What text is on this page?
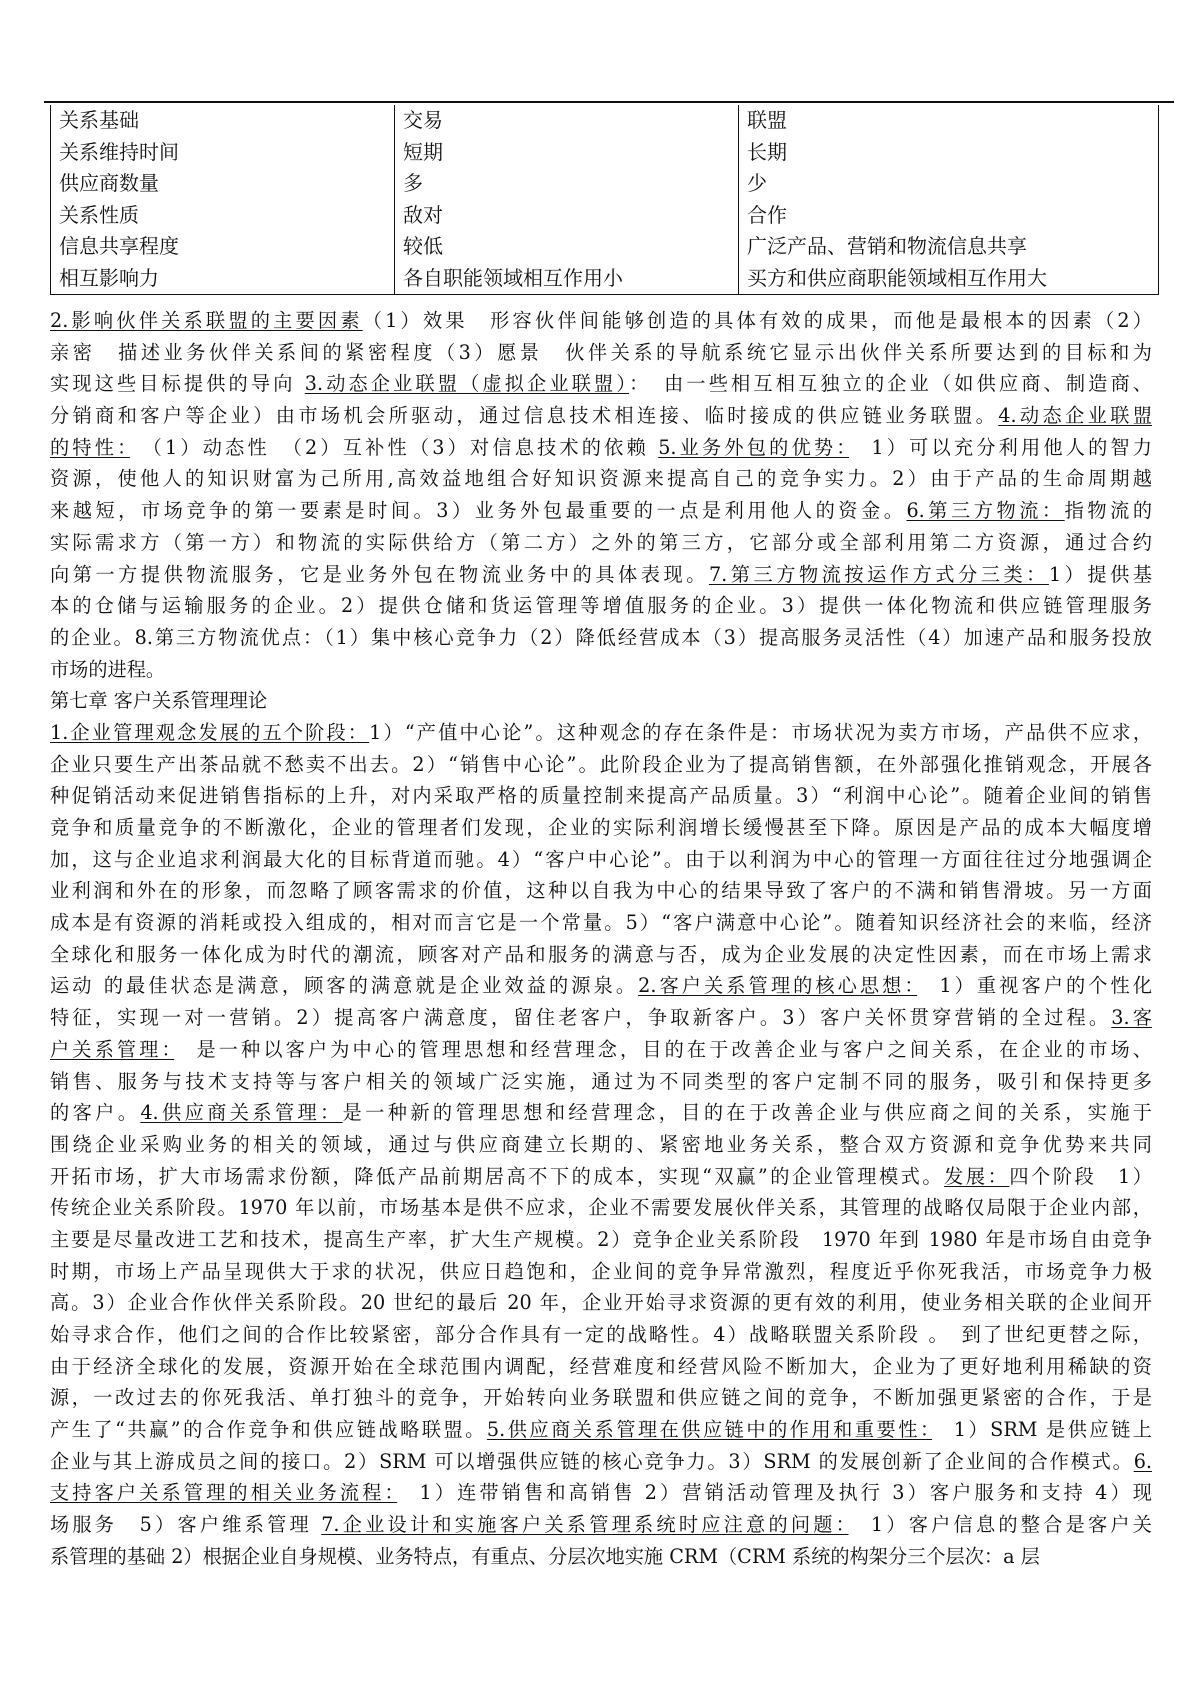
关系基础	交易	联盟
关系维持时间	短期	长期
供应商数量	多	少
关系性质	敌对	合作
信息共享程度	较低	广泛产品、营销和物流信息共享
相互影响力	各自职能领域相互作用小	买方和供应商职能领域相互作用大
2.影响伙伴关系联盟的主要因素（1）效果　形容伙伴间能够创造的具体有效的成果，而他是最根本的因素（2）
亲密　描述业务伙伴关系间的紧密程度（3）愿景　伙伴关系的导航系统它显示出伙伴关系所要达到的目标和为
实现这些目标提供的导向 3.动态企业联盟（虚拟企业联盟）：　由一些相互相互独立的企业（如供应商、制造商、
分销商和客户等企业）由市场机会所驱动，通过信息技术相连接、临时接成的供应链业务联盟。4.动态企业联盟
的特性：　（1）动态性　（2）互补性（3）对信息技术的依赖 5.业务外包的优势：　1）可以充分利用他人的智力
资源，使他人的知识财富为己所用,高效益地组合好知识资源来提高自己的竞争实力。2）由于产品的生命周期越
来越短，市场竞争的第一要素是时间。3）业务外包最重要的一点是利用他人的资金。6.第三方物流：指物流的
实际需求方（第一方）和物流的实际供给方（第二方）之外的第三方，它部分或全部利用第二方资源，通过合约
向第一方提供物流服务，它是业务外包在物流业务中的具体表现。7.第三方物流按运作方式分三类：1）提供基
本的仓储与运输服务的企业。2）提供仓储和货运管理等增值服务的企业。3）提供一体化物流和供应链管理服务
的企业。8.第三方物流优点：（1）集中核心竞争力（2）降低经营成本（3）提高服务灵活性（4）加速产品和服务投放
市场的进程。
第七章 客户关系管理理论
1.企业管理观念发展的五个阶段：1）“产值中心论”。这种观念的存在条件是：市场状况为卖方市场，产品供不应求，
企业只要生产出茶品就不愁卖不出去。2）“销售中心论”。此阶段企业为了提高销售额，在外部强化推销观念，开展各
种促销活动来促进销售指标的上升，对内采取严格的质量控制来提高产品质量。3）“利润中心论”。随着企业间的销售
竞争和质量竞争的不断激化，企业的管理者们发现，企业的实际利润增长缓慢甚至下降。原因是产品的成本大幅度增
加，这与企业追求利润最大化的目标背道而驰。4）“客户中心论”。由于以利润为中心的管理一方面往往过分地强调企
业利润和外在的形象，而忽略了顾客需求的价值，这种以自我为中心的结果导致了客户的不满和销售滑坡。另一方面
成本是有资源的消耗或投入组成的，相对而言它是一个常量。5）“客户满意中心论”。随着知识经济社会的来临，经济
全球化和服务一体化成为时代的潮流，顾客对产品和服务的满意与否，成为企业发展的决定性因素，而在市场上需求
运动 的最佳状态是满意，顾客的满意就是企业效益的源泉。2.客户关系管理的核心思想：　1）重视客户的个性化
特征，实现一对一营销。2）提高客户满意度，留住老客户，争取新客户。3）客户关怀贯穿营销的全过程。3.客
户关系管理：　是一种以客户为中心的管理思想和经营理念，目的在于改善企业与客户之间关系，在企业的市场、
销售、服务与技术支持等与客户相关的领域广泛实施，通过为不同类型的客户定制不同的服务，吸引和保持更多
的客户。4.供应商关系管理：是一种新的管理思想和经营理念，目的在于改善企业与供应商之间的关系，实施于
围绕企业采购业务的相关的领域，通过与供应商建立长期的、紧密地业务关系，整合双方资源和竞争优势来共同
开拓市场，扩大市场需求份额，降低产品前期居高不下的成本，实现“双赢”的企业管理模式。发展：四个阶段　1）
传统企业关系阶段。1970 年以前，市场基本是供不应求，企业不需要发展伙伴关系，其管理的战略仅局限于企业内部，
主要是尽量改进工艺和技术，提高生产率，扩大生产规模。2）竞争企业关系阶段　1970 年到 1980 年是市场自由竞争
时期，市场上产品呈现供大于求的状况，供应日趋饱和，企业间的竞争异常激烈，程度近乎你死我活，市场竞争力极
高。3）企业合作伙伴关系阶段。20 世纪的最后 20 年，企业开始寻求资源的更有效的利用，使业务相关联的企业间开
始寻求合作，他们之间的合作比较紧密，部分合作具有一定的战略性。4）战略联盟关系阶段 。　到了世纪更替之际，
由于经济全球化的发展，资源开始在全球范围内调配，经营难度和经营风险不断加大，企业为了更好地利用稀缺的资
源，一改过去的你死我活、单打独斗的竞争，开始转向业务联盟和供应链之间的竞争，不断加强更紧密的合作，于是
产生了“共赢”的合作竞争和供应链战略联盟。5.供应商关系管理在供应链中的作用和重要性：　1）SRM 是供应链上
企业与其上游成员之间的接口。2）SRM 可以增强供应链的核心竞争力。3）SRM 的发展创新了企业间的合作模式。6.
支持客户关系管理的相关业务流程：　1）连带销售和高销售 2）营销活动管理及执行 3）客户服务和支持 4）现
场服务　5）客户维系管理 7.企业设计和实施客户关系管理系统时应注意的问题：　1）客户信息的整合是客户关
系管理的基础 2）根据企业自身规模、业务特点，有重点、分层次地实施 CRM（CRM 系统的构架分三个层次：a 层
